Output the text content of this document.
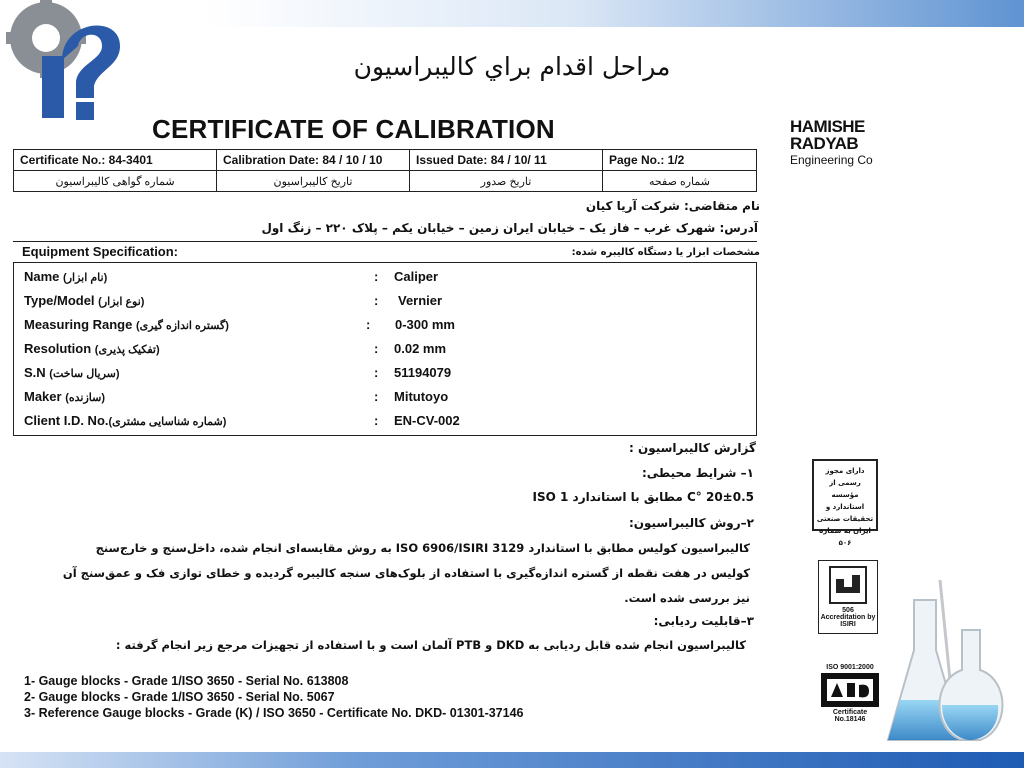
مراحل اقدام براي كاليبراسيون
CERTIFICATE OF CALIBRATION
Certificate No.: 84-3401	Calibration Date: 84 / 10 / 10	Issued Date: 84 / 10/ 11	Page No.: 1/2
شماره گواهی کالیبراسیون	تاریخ کالیبراسیون	تاریخ صدور	شماره صفحه
نام متقاضی: شرکت آریا کیان
آدرس: شهرک غرب – فاز یک – خیابان ایران زمین – خیابان یکم – پلاک ۲۲۰ – زنگ اول
Equipment Specification:	مشخصات ابزار یا دستگاه کالیبره شده:
Name (نام ابزار)	: Caliper
Type/Model (نوع ابزار)	: Vernier
Measuring Range (گستره اندازه گیری)	: 0-300 mm
Resolution (تفکیک پذیری)	: 0.02 mm
S.N (سریال ساخت)	: 51194079
Maker (سازنده)	: Mitutoyo
Client I.D. No.(شماره شناسایی مشتری)	: EN-CV-002
گزارش کالیبراسیون :
۱– شرایط محیطی:
20±0.5 °C مطابق با استاندارد ISO 1
۲–روش کالیبراسیون:
کالیبراسیون کولیس مطابق با استاندارد ISO 6906/ISIRI 3129 به روش مقایسه‌ای انجام شده، داخل‌سنج و خارج‌سنج
کولیس در هفت نقطه از گستره اندازه‌گیری با استفاده از بلوک‌های سنجه کالیبره گردیده و خطای توازی فک و عمق‌سنج آن
نیز بررسی شده است.
۳–قابلیت ردیابی:
کالیبراسیون انجام شده قابل ردیابی به DKD و PTB آلمان است و با استفاده از تجهیزات مرجع زیر انجام گرفته :
1- Gauge blocks - Grade 1/ISO 3650 - Serial No. 613808
2- Gauge blocks - Grade 1/ISO 3650 - Serial No. 5067
3- Reference Gauge blocks - Grade (K) / ISO 3650 - Certificate No. DKD- 01301-37146
HAMISHE
RADYAB
Engineering Co
دارای مجوز رسمی از مؤسسه استاندارد و تحقیقات صنعتی ایران به شماره ۵۰۶
506
Accreditation by ISIRI
ISO 9001:2000
Certificate No.18146
